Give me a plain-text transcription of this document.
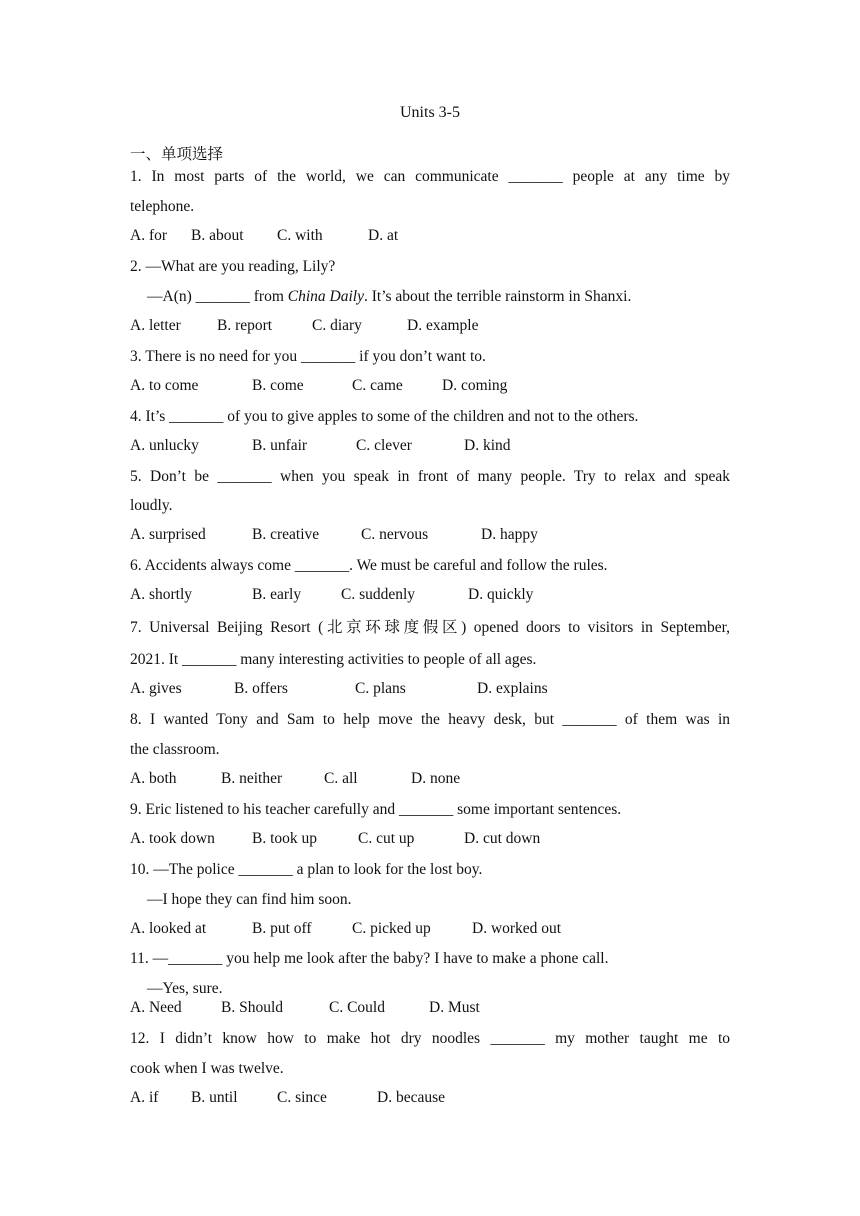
Units 3-5
一、单项选择
1. In most parts of the world, we can communicate _______ people at any time by
telephone.
A. for B. about C. with	D. at
2. —What are you reading, Lily?
—A(n) _______ from China Daily. It’s about the terrible rainstorm in Shanxi.
A. letter B. report	C. diary	D. example
3. There is no need for you _______ if you don’t want to.
A. to come	B. come	C. came	D. coming
4. It’s _______ of you to give apples to some of the children and not to the others.
A. unlucky	B. unfair	C. clever	D. kind
5. Don’t be _______ when you speak in front of many people. Try to relax and speak
loudly.
A. surprised	B. creative	C. nervous	D. happy
6. Accidents always come _______. We must be careful and follow the rules.
A. shortly	B. early	C. suddenly	D. quickly
7. Universal Beijing Resort (北京环球度假区) opened doors to visitors in September,
2021. It _______ many interesting activities to people of all ages.
A. gives	B. offers	C. plans	D. explains
8. I wanted Tony and Sam to help move the heavy desk, but _______ of them was in
the classroom.
A. both	B. neither	C. all	D. none
9. Eric listened to his teacher carefully and _______ some important sentences.
A. took down B. took up	C. cut up	D. cut down
10. —The police _______ a plan to look for the lost boy.
—I hope they can find him soon.
A. looked at	B. put off	C. picked up	D. worked out
11. —_______ you help me look after the baby? I have to make a phone call.
—Yes, sure.
A. Need	B. Should	C. Could	D. Must
12. I didn’t know how to make hot dry noodles _______ my mother taught me to
cook when I was twelve.
A. if B. until	C. since	D. because
